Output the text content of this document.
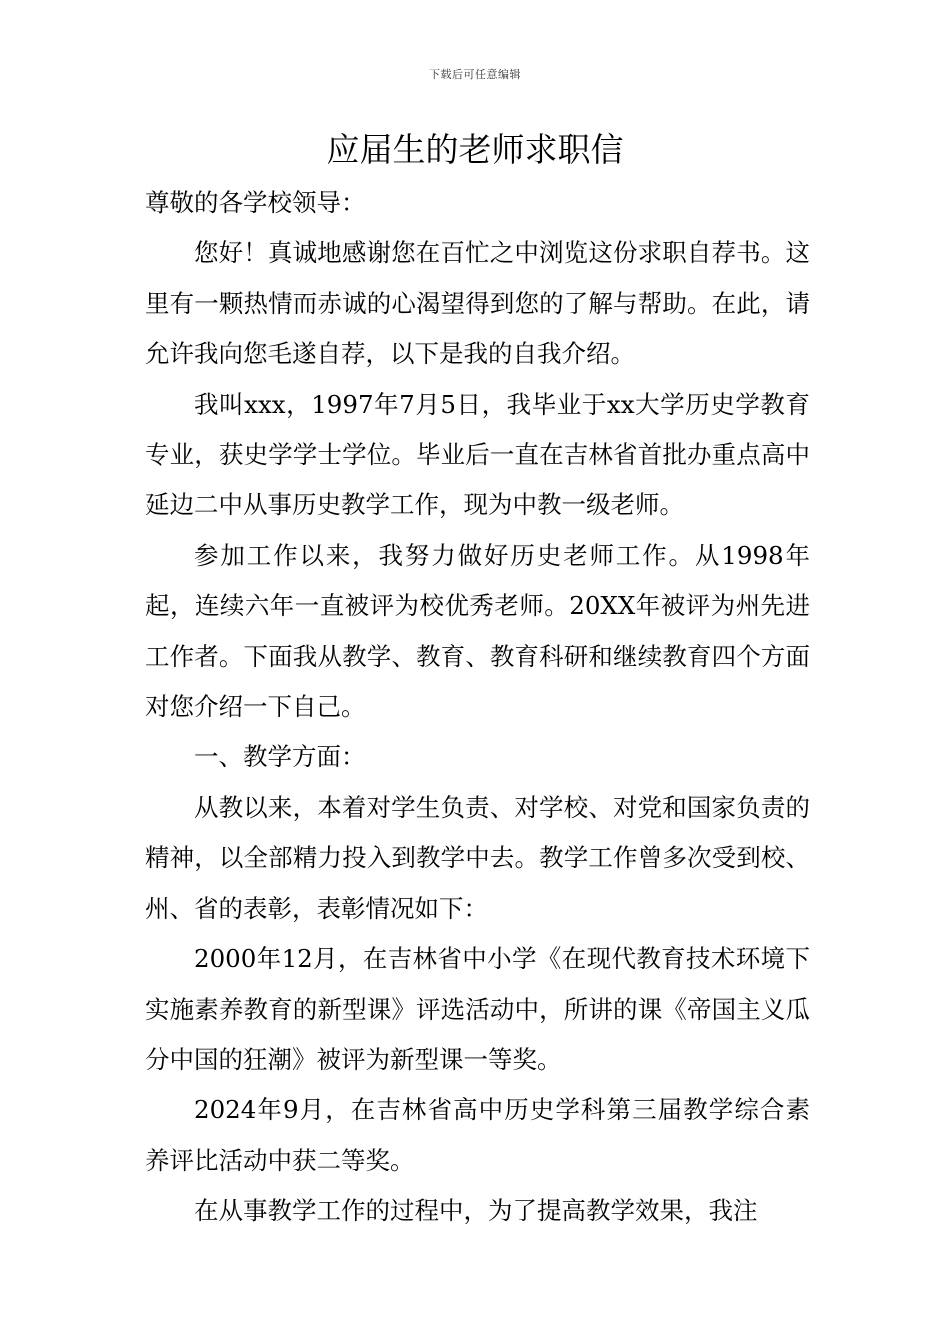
下载后可任意编辑
应届生的老师求职信

尊敬的各学校领导：

您好！真诚地感谢您在百忙之中浏览这份求职自荐书。这里有一颗热情而赤诚的心渴望得到您的了解与帮助。在此，请允许我向您毛遂自荐，以下是我的自我介绍。

我叫xxx，1997年7月5日，我毕业于xx大学历史学教育专业，获史学学士学位。毕业后一直在吉林省首批办重点高中延边二中从事历史教学工作，现为中教一级老师。

参加工作以来，我努力做好历史老师工作。从1998年起，连续六年一直被评为校优秀老师。20XX年被评为州先进工作者。下面我从教学、教育、教育科研和继续教育四个方面对您介绍一下自己。

一、教学方面：

从教以来，本着对学生负责、对学校、对党和国家负责的精神，以全部精力投入到教学中去。教学工作曾多次受到校、州、省的表彰，表彰情况如下：

2000年12月，在吉林省中小学《在现代教育技术环境下实施素养教育的新型课》评选活动中，所讲的课《帝国主义瓜分中国的狂潮》被评为新型课一等奖。

2024年9月，在吉林省高中历史学科第三届教学综合素养评比活动中获二等奖。

在从事教学工作的过程中，为了提高教学效果，我注
